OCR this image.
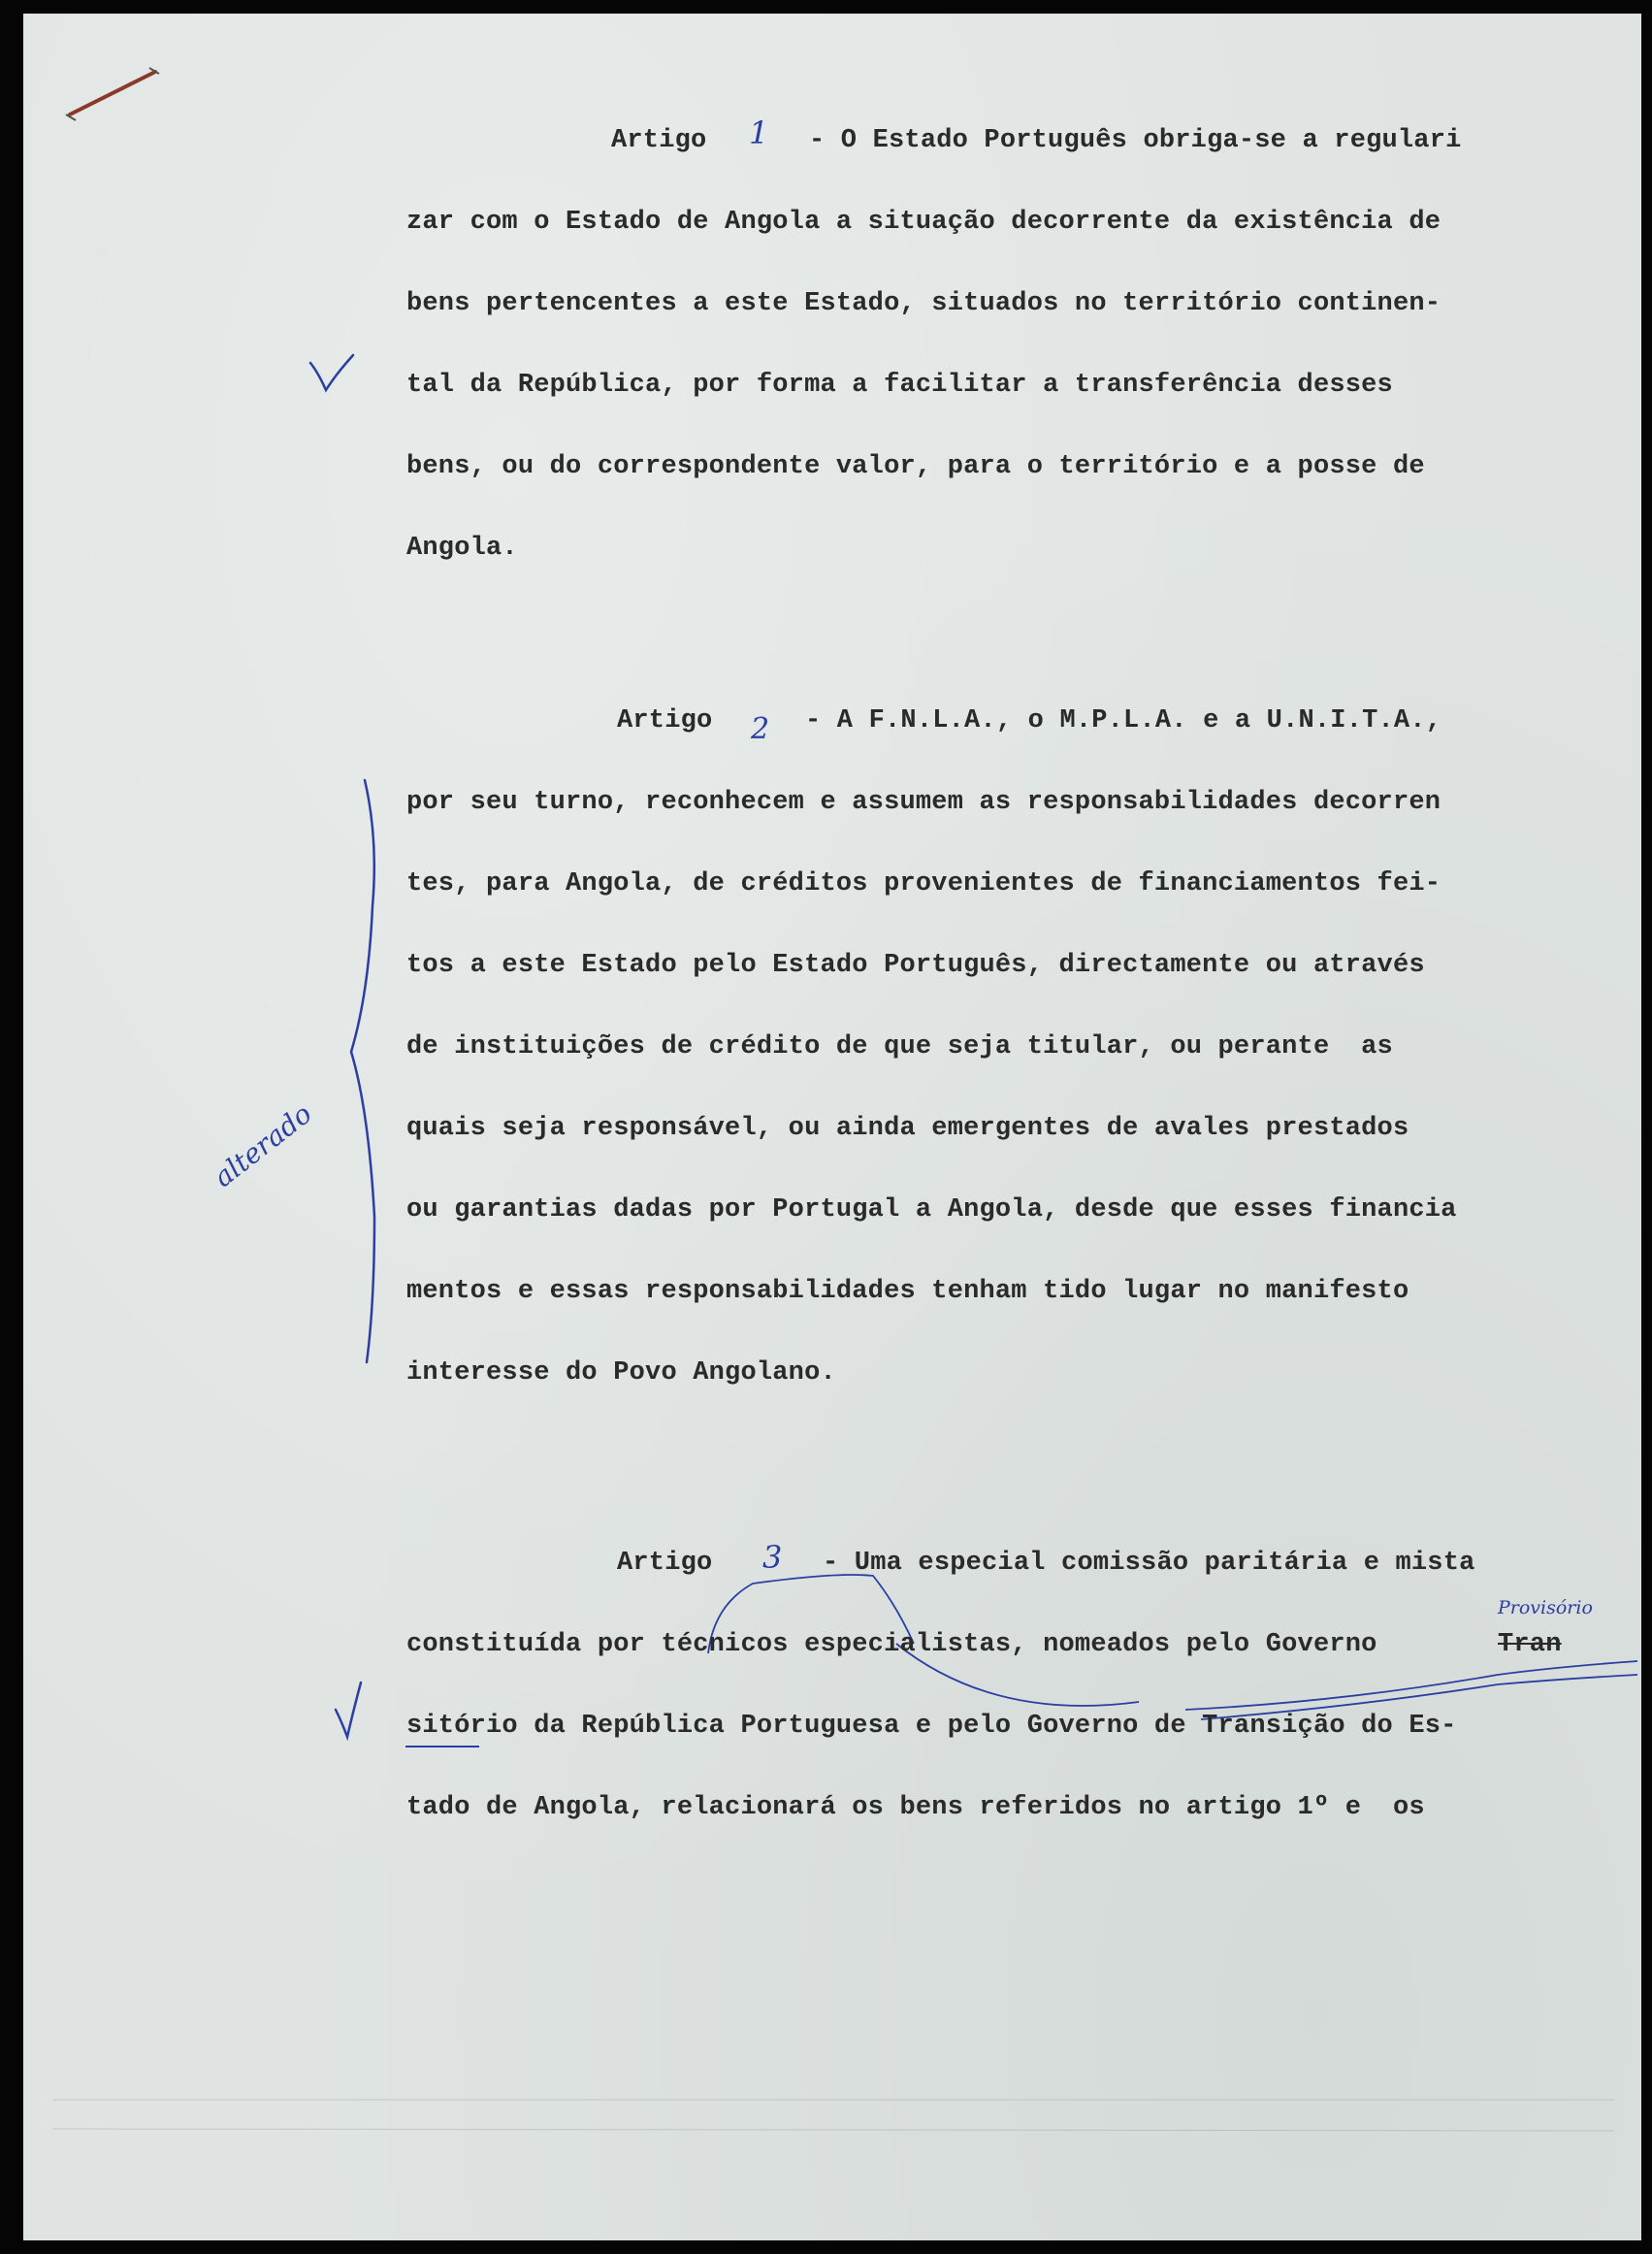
Artigo 1 - O Estado Português obriga-se a regulari
zar com o Estado de Angola a situação decorrente da existência de
bens pertencentes a este Estado, situados no território continen-
tal da República, por forma a facilitar a transferência desses
bens, ou do correspondente valor, para o território e a posse de
Angola.
Artigo 2 - A F.N.L.A., o M.P.L.A. e a U.N.I.T.A.,
por seu turno, reconhecem e assumem as responsabilidades decorren
tes, para Angola, de créditos provenientes de financiamentos fei-
tos a este Estado pelo Estado Português, directamente ou através
de instituições de crédito de que seja titular, ou perante  as
quais seja responsável, ou ainda emergentes de avales prestados
ou garantias dadas por Portugal a Angola, desde que esses financia
mentos e essas responsabilidades tenham tido lugar no manifesto
interesse do Povo Angolano.
Artigo 3 - Uma especial comissão paritária e mista
constituída por técnicos especialistas, nomeados pelo Governo	Tran
Provisório
sitório da República Portuguesa e pelo Governo de Transição do Es-
tado de Angola, relacionará os bens referidos no artigo 1º e  os
alterado
